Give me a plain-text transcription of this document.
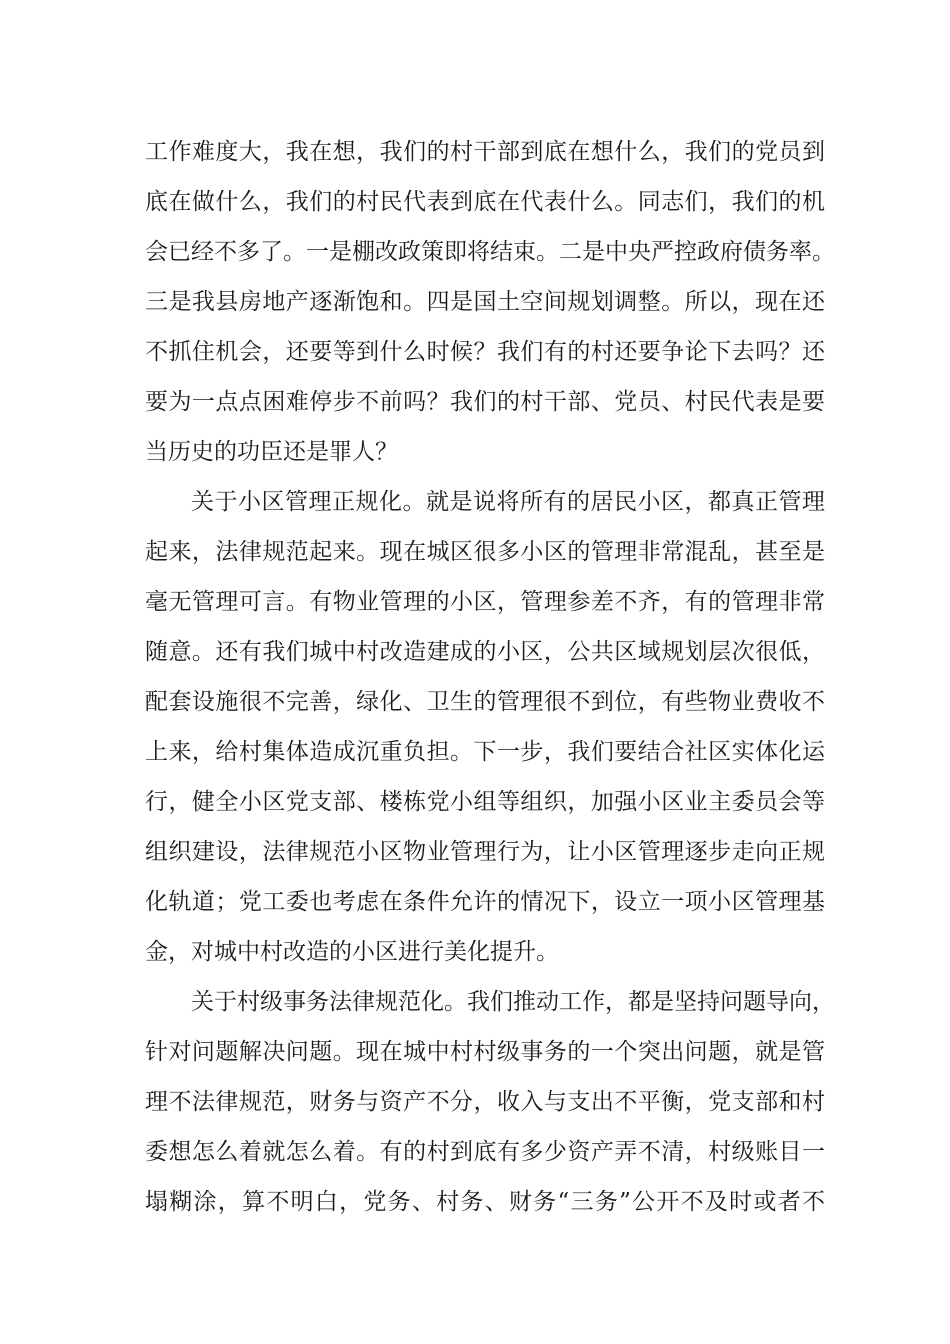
工作难度大，我在想，我们的村干部到底在想什么，我们的党员到
底在做什么，我们的村民代表到底在代表什么。同志们，我们的机
会已经不多了。一是棚改政策即将结束。二是中央严控政府债务率。
三是我县房地产逐渐饱和。四是国土空间规划调整。所以，现在还
不抓住机会，还要等到什么时候？我们有的村还要争论下去吗？还
要为一点点困难停步不前吗？我们的村干部、党员、村民代表是要
当历史的功臣还是罪人？
关于小区管理正规化。就是说将所有的居民小区，都真正管理
起来，法律规范起来。现在城区很多小区的管理非常混乱，甚至是
毫无管理可言。有物业管理的小区，管理参差不齐，有的管理非常
随意。还有我们城中村改造建成的小区，公共区域规划层次很低，
配套设施很不完善，绿化、卫生的管理很不到位，有些物业费收不
上来，给村集体造成沉重负担。下一步，我们要结合社区实体化运
行，健全小区党支部、楼栋党小组等组织，加强小区业主委员会等
组织建设，法律规范小区物业管理行为，让小区管理逐步走向正规
化轨道；党工委也考虑在条件允许的情况下，设立一项小区管理基
金，对城中村改造的小区进行美化提升。
关于村级事务法律规范化。我们推动工作，都是坚持问题导向，
针对问题解决问题。现在城中村村级事务的一个突出问题，就是管
理不法律规范，财务与资产不分，收入与支出不平衡，党支部和村
委想怎么着就怎么着。有的村到底有多少资产弄不清，村级账目一
塌糊涂，算不明白，党务、村务、财务“三务”公开不及时或者不
